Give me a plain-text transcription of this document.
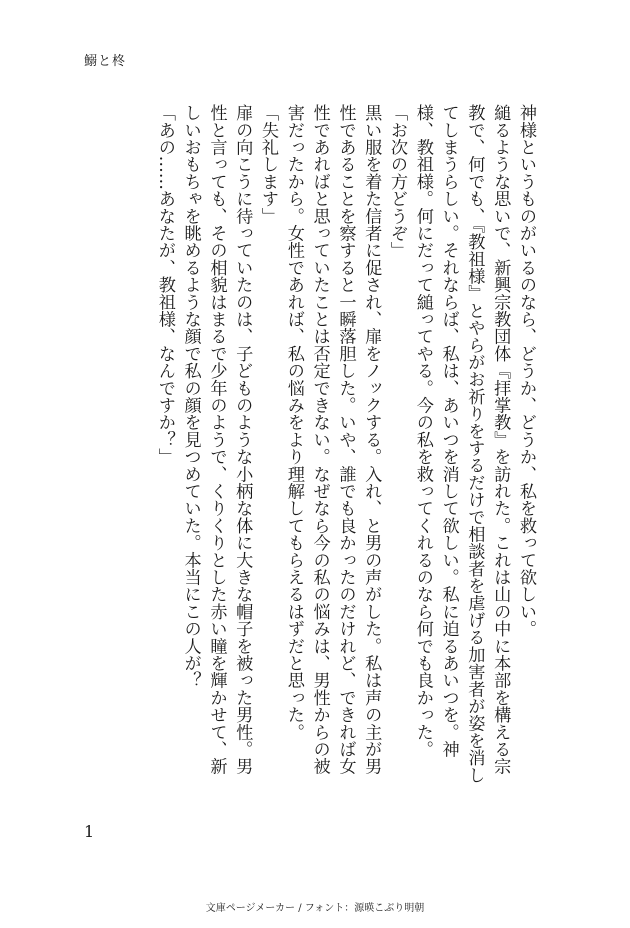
鰯と柊

神様というものがいるのなら、どうか、どうか、私を救って欲しい。

縋るような思いで、新興宗教団体『拝掌教』を訪れた。これは山の中に本部を構える宗教で、何でも、『教祖様』とやらがお祈りをするだけで相談者を虐げる加害者が姿を消してしまうらしい。それならば、私は、あいつを消して欲しい。私に迫るあいつを。神様、教祖様。何にだって縋ってやる。今の私を救ってくれるのなら何でも良かった。

「お次の方どうぞ」

黒い服を着た信者に促され、扉をノックする。入れ、と男の声がした。私は声の主が男性であることを察すると一瞬落胆した。いや、誰でも良かったのだけれど、できれば女性であればと思っていたことは否定できない。なぜなら今の私の悩みは、男性からの被害だったから。女性であれば、私の悩みをより理解してもらえるはずだと思った。

「失礼します」

扉の向こうに待っていたのは、子どものような小柄な体に大きな帽子を被った男性。男性と言っても、その相貌はまるで少年のようで、くりくりとした赤い瞳を輝かせて、新しいおもちゃを眺めるような顔で私の顔を見つめていた。本当にこの人が？

「あの……あなたが、教祖様、なんですか？」

1
文庫ページメーカー / フォント：源暎こぶり明朝
